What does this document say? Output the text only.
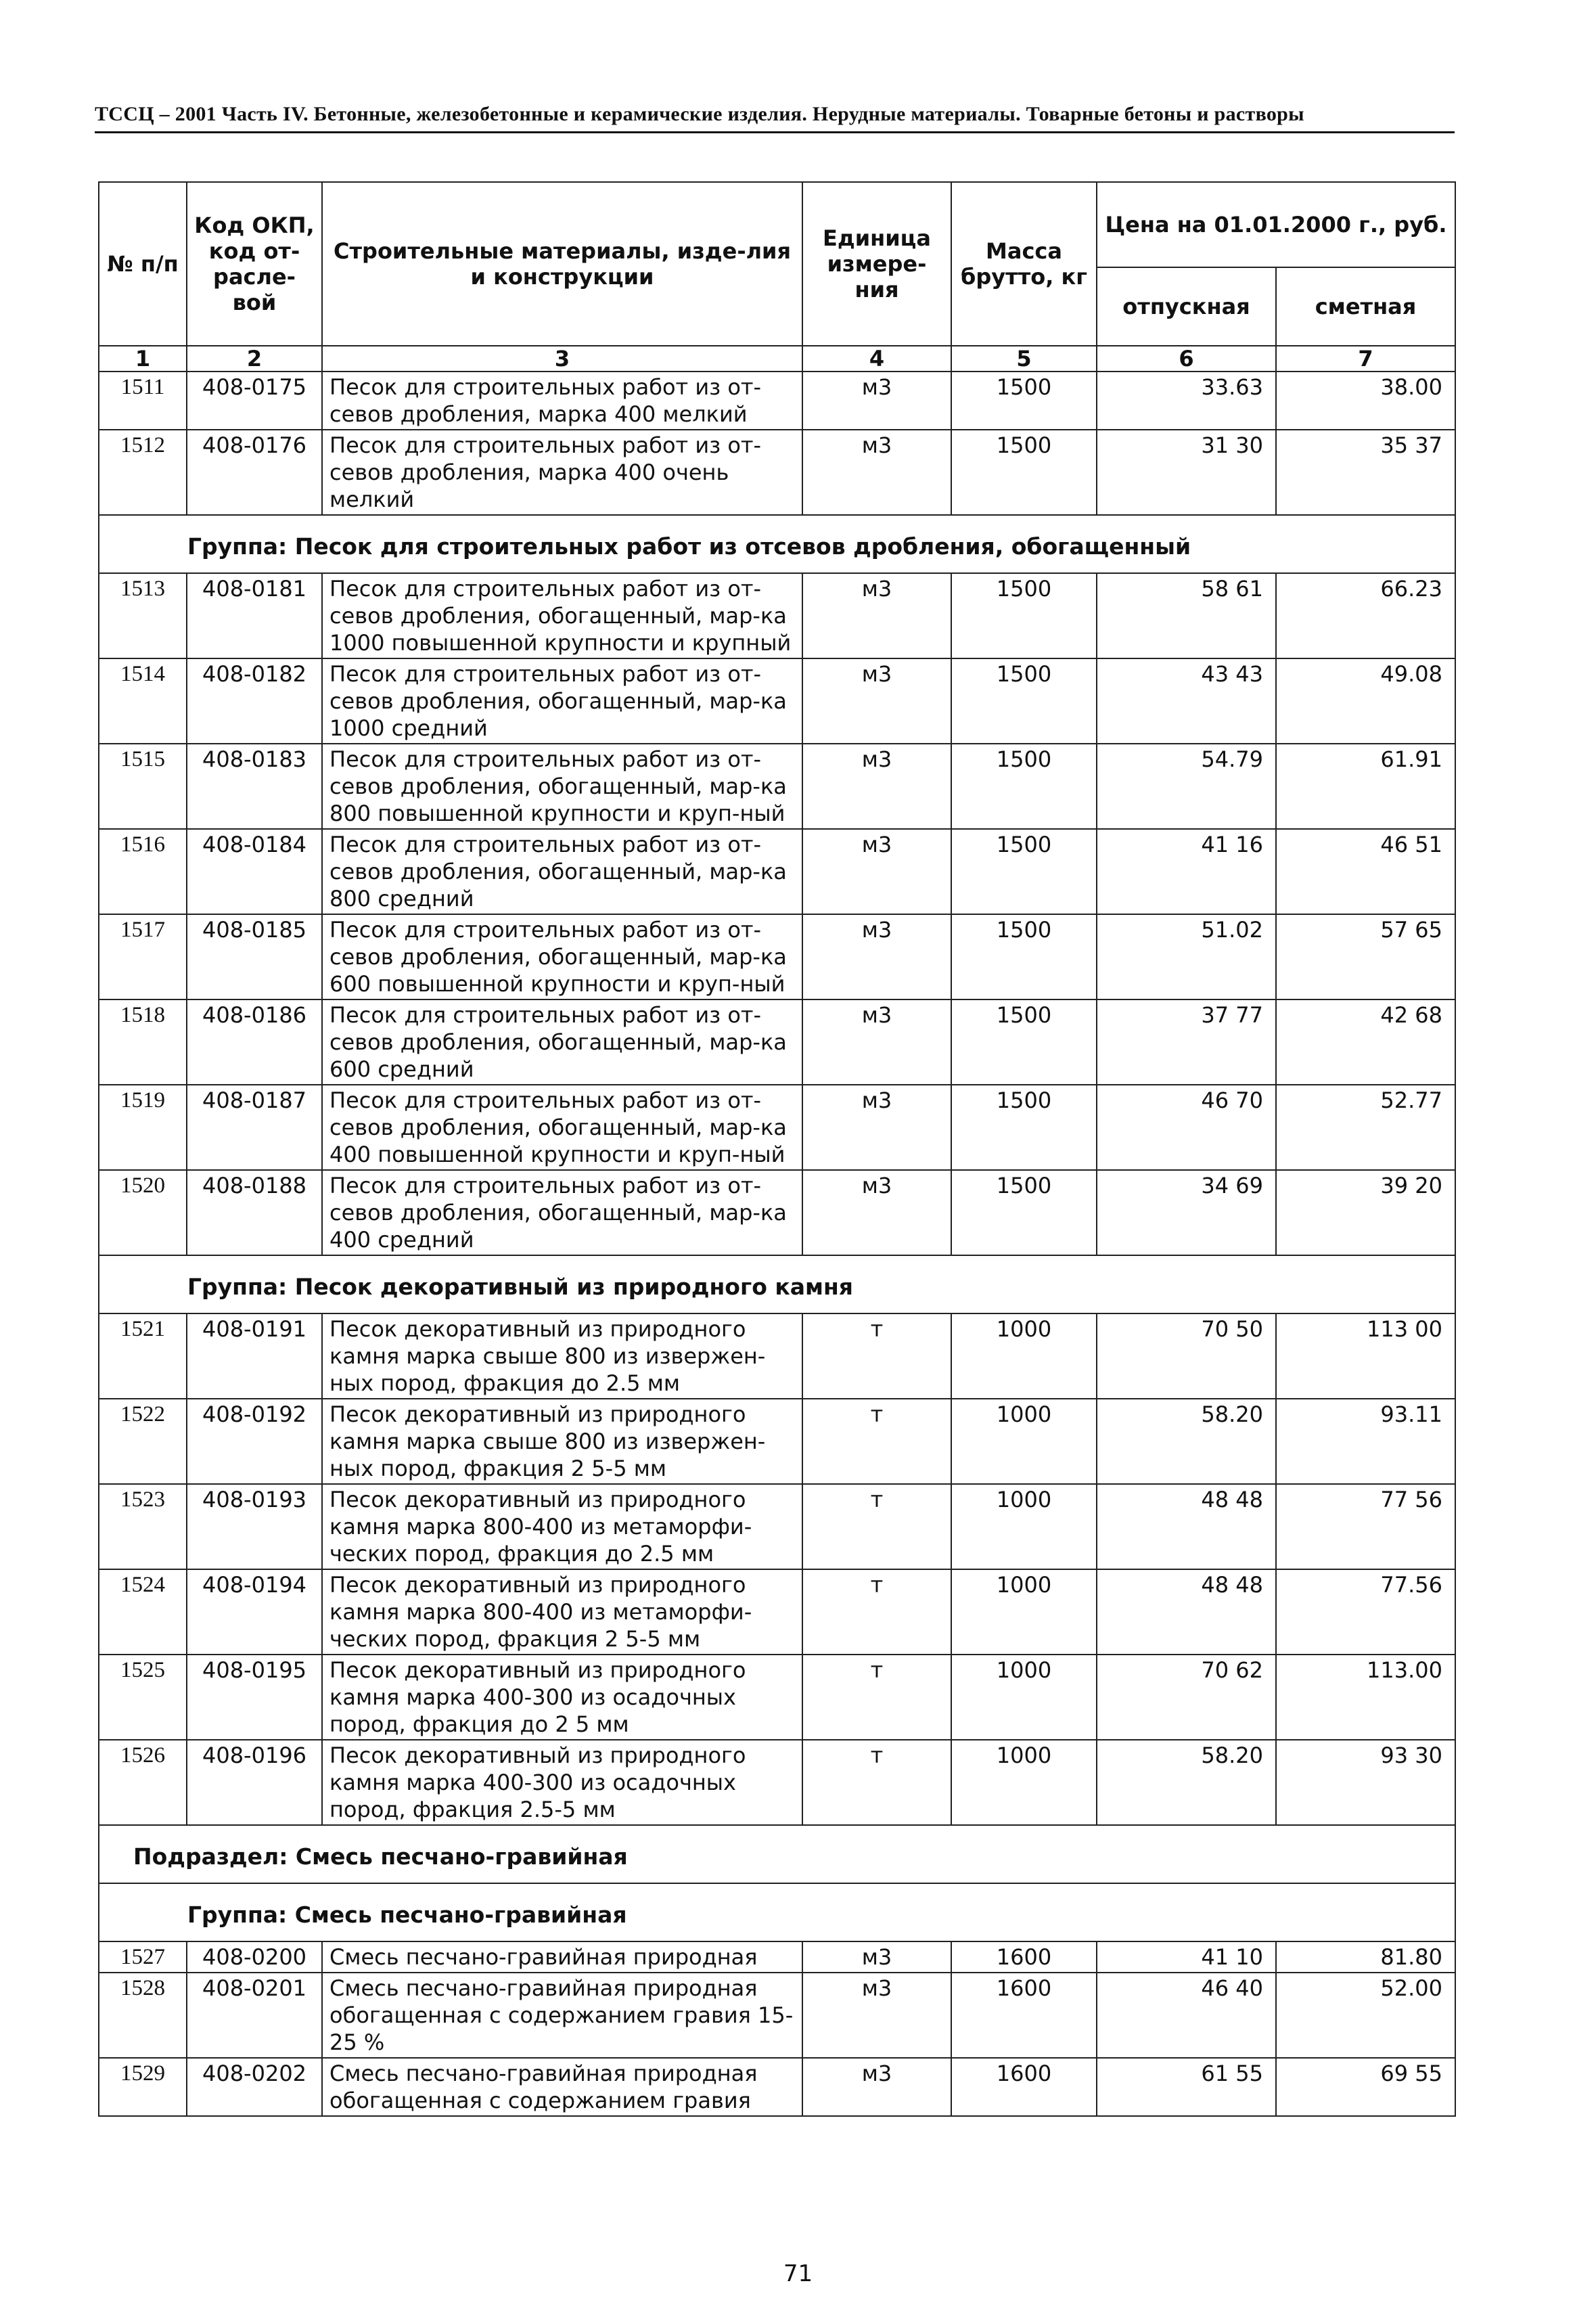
ТССЦ – 2001 Часть IV. Бетонные, железобетонные и керамические изделия. Нерудные материалы. Товарные бетоны и растворы
№ п/п	Код ОКП, код от-расле-вой	Строительные материалы, изде-лия и конструкции	Единица измере-ния	Масса брутто, кг	Цена на 01.01.2000 г., руб.	
					отпускная	сметная
1	2	3	4	5	6	7
1511	408-0175	Песок для строительных работ из от-севов дробления, марка 400 мелкий	м3	1500	33.63	38.00
1512	408-0176	Песок для строительных работ из от-севов дробления, марка 400 очень мелкий	м3	1500	31 30	35 37
Группа: Песок для строительных работ из отсевов дробления, обогащенный						
1513	408-0181	Песок для строительных работ из от-севов дробления, обогащенный, мар-ка 1000 повышенной крупности и крупный	м3	1500	58 61	66.23
1514	408-0182	Песок для строительных работ из от-севов дробления, обогащенный, мар-ка 1000 средний	м3	1500	43 43	49.08
1515	408-0183	Песок для строительных работ из от-севов дробления, обогащенный, мар-ка 800 повышенной крупности и круп-ный	м3	1500	54.79	61.91
1516	408-0184	Песок для строительных работ из от-севов дробления, обогащенный, мар-ка 800 средний	м3	1500	41 16	46 51
1517	408-0185	Песок для строительных работ из от-севов дробления, обогащенный, мар-ка 600 повышенной крупности и круп-ный	м3	1500	51.02	57 65
1518	408-0186	Песок для строительных работ из от-севов дробления, обогащенный, мар-ка 600 средний	м3	1500	37 77	42 68
1519	408-0187	Песок для строительных работ из от-севов дробления, обогащенный, мар-ка 400 повышенной крупности и круп-ный	м3	1500	46 70	52.77
1520	408-0188	Песок для строительных работ из от-севов дробления, обогащенный, мар-ка 400 средний	м3	1500	34 69	39 20
Группа: Песок декоративный из природного камня						
1521	408-0191	Песок декоративный из природного камня марка свыше 800 из извержен-ных пород, фракция до 2.5 мм	т	1000	70 50	113 00
1522	408-0192	Песок декоративный из природного камня марка свыше 800 из извержен-ных пород, фракция 2 5-5 мм	т	1000	58.20	93.11
1523	408-0193	Песок декоративный из природного камня марка 800-400 из метаморфи-ческих пород, фракция до 2.5 мм	т	1000	48 48	77 56
1524	408-0194	Песок декоративный из природного камня марка 800-400 из метаморфи-ческих пород, фракция 2 5-5 мм	т	1000	48 48	77.56
1525	408-0195	Песок декоративный из природного камня марка 400-300 из осадочных пород, фракция до 2 5 мм	т	1000	70 62	113.00
1526	408-0196	Песок декоративный из природного камня марка 400-300 из осадочных пород, фракция 2.5-5 мм	т	1000	58.20	93 30
Подраздел: Смесь песчано-гравийная						
Группа: Смесь песчано-гравийная						
1527	408-0200	Смесь песчано-гравийная природная	м3	1600	41 10	81.80
1528	408-0201	Смесь песчано-гравийная природная обогащенная с содержанием гравия 15-25 %	м3	1600	46 40	52.00
1529	408-0202	Смесь песчано-гравийная природная обогащенная с содержанием гравия	м3	1600	61 55	69 55
71
